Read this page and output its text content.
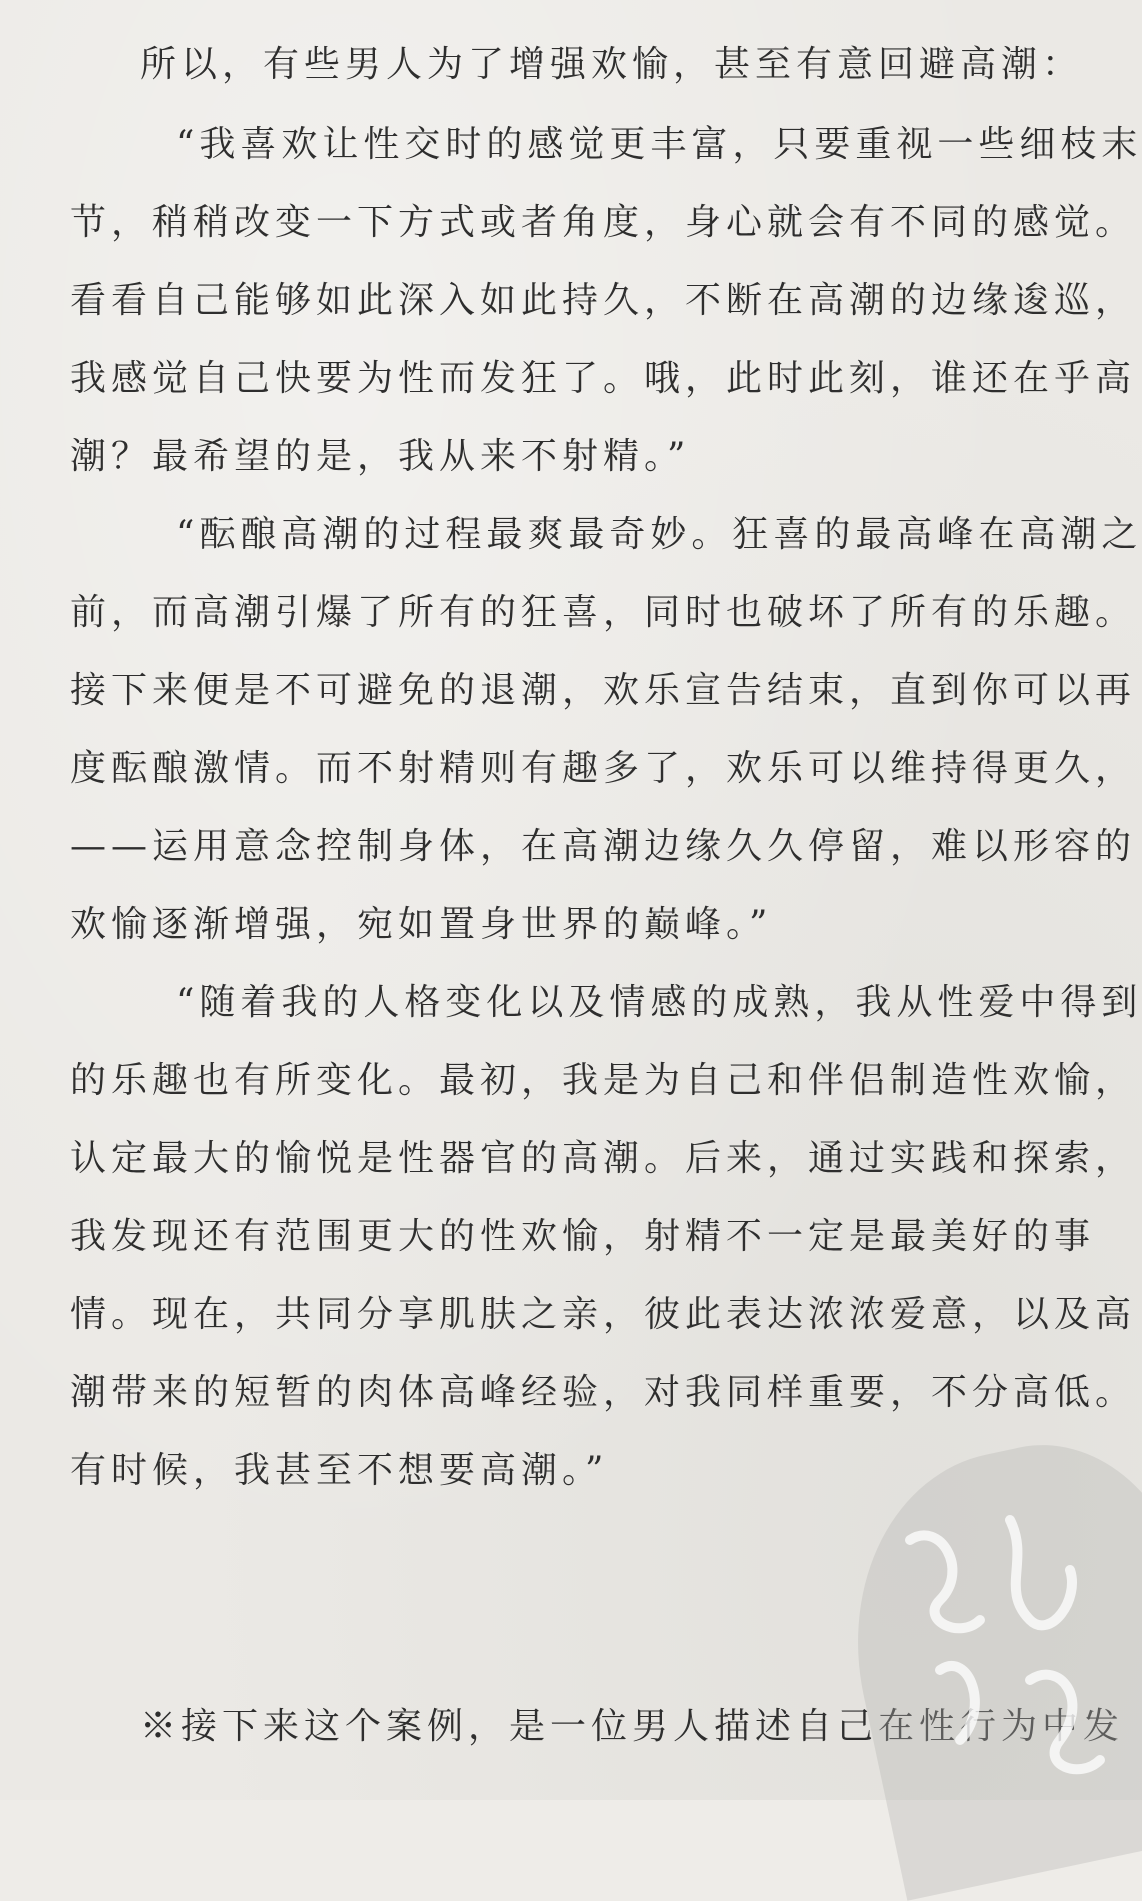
所以，有些男人为了增强欢愉，甚至有意回避高潮：
“我喜欢让性交时的感觉更丰富，只要重视一些细枝末
节，稍稍改变一下方式或者角度，身心就会有不同的感觉。
看看自己能够如此深入如此持久，不断在高潮的边缘逡巡，
我感觉自己快要为性而发狂了。哦，此时此刻，谁还在乎高
潮？最希望的是，我从来不射精。”
“酝酿高潮的过程最爽最奇妙。狂喜的最高峰在高潮之
前，而高潮引爆了所有的狂喜，同时也破坏了所有的乐趣。
接下来便是不可避免的退潮，欢乐宣告结束，直到你可以再
度酝酿激情。而不射精则有趣多了，欢乐可以维持得更久，
——运用意念控制身体，在高潮边缘久久停留，难以形容的
欢愉逐渐增强，宛如置身世界的巅峰。”
“随着我的人格变化以及情感的成熟，我从性爱中得到
的乐趣也有所变化。最初，我是为自己和伴侣制造性欢愉，
认定最大的愉悦是性器官的高潮。后来，通过实践和探索，
我发现还有范围更大的性欢愉，射精不一定是最美好的事
情。现在，共同分享肌肤之亲，彼此表达浓浓爱意，以及高
潮带来的短暂的肉体高峰经验，对我同样重要，不分高低。
有时候，我甚至不想要高潮。”
※接下来这个案例，是一位男人描述自己在性行为中发
